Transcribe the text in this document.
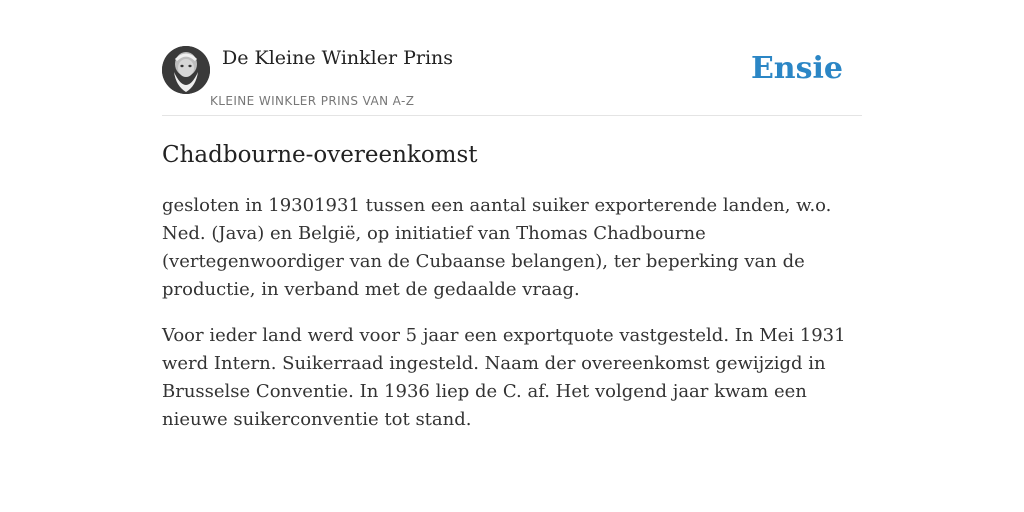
De Kleine Winkler Prins
KLEINE WINKLER PRINS VAN A-Z
Ensie
Chadbourne-overeenkomst

gesloten in 19301931 tussen een aantal suiker exporterende landen, w.o. Ned. (Java) en België, op initiatief van Thomas Chadbourne (vertegenwoordiger van de Cubaanse belangen), ter beperking van de productie, in verband met de gedaalde vraag.

Voor ieder land werd voor 5 jaar een exportquote vastgesteld. In Mei 1931 werd Intern. Suikerraad ingesteld. Naam der overeenkomst gewijzigd in Brusselse Conventie. In 1936 liep de C. af. Het volgend jaar kwam een nieuwe suikerconventie tot stand.
